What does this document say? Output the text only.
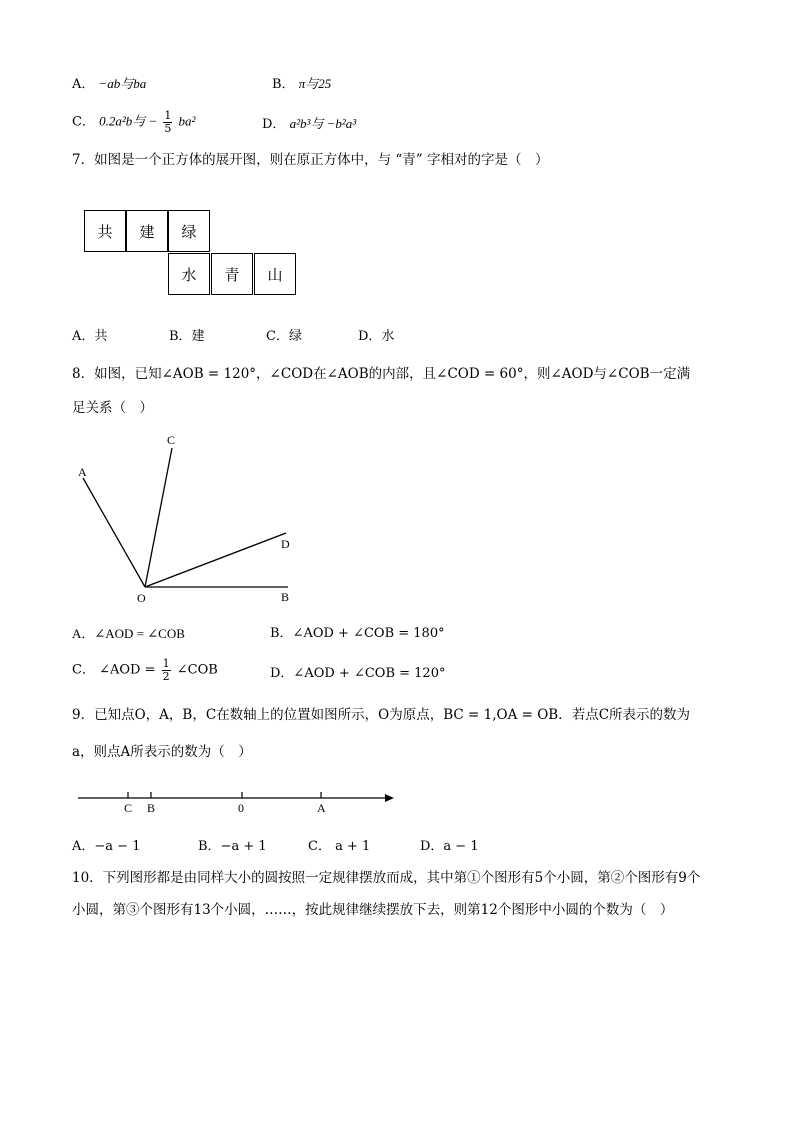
A． −ab与ba	B． π与25
C． 0.2a²b与 − $\frac{1}{5} ba^2$	D． a²b³与 −b²a³
7．如图是一个正方体的展开图，则在原正方体中，与 “青” 字相对的字是（　）
共	建	绿
水	青	山
A．共	B．建	C．绿	D．水
8．如图，已知∠AOB = 120°，∠COD在∠AOB的内部，且∠COD = 60°，则∠AOD与∠COB一定满
足关系（　）
A
C
D
O	B
A．∠AOD = ∠COB	B．∠AOD + ∠COB = 180°
C． ∠AOD = $\frac{1}{2}$ ∠COB	D．∠AOD + ∠COB = 120°
9．已知点O，A，B，C在数轴上的位置如图所示，O为原点，BC = 1,OA = OB．若点C所表示的数为
a，则点A所表示的数为（　）
C B	0	A
A．−a − 1	B．−a + 1	C． a + 1	D．a − 1
10．下列图形都是由同样大小的圆按照一定规律摆放而成，其中第①个图形有5个小圆，第②个图形有9个
小圆，第③个图形有13个小圆，……，按此规律继续摆放下去，则第12个图形中小圆的个数为（　）
